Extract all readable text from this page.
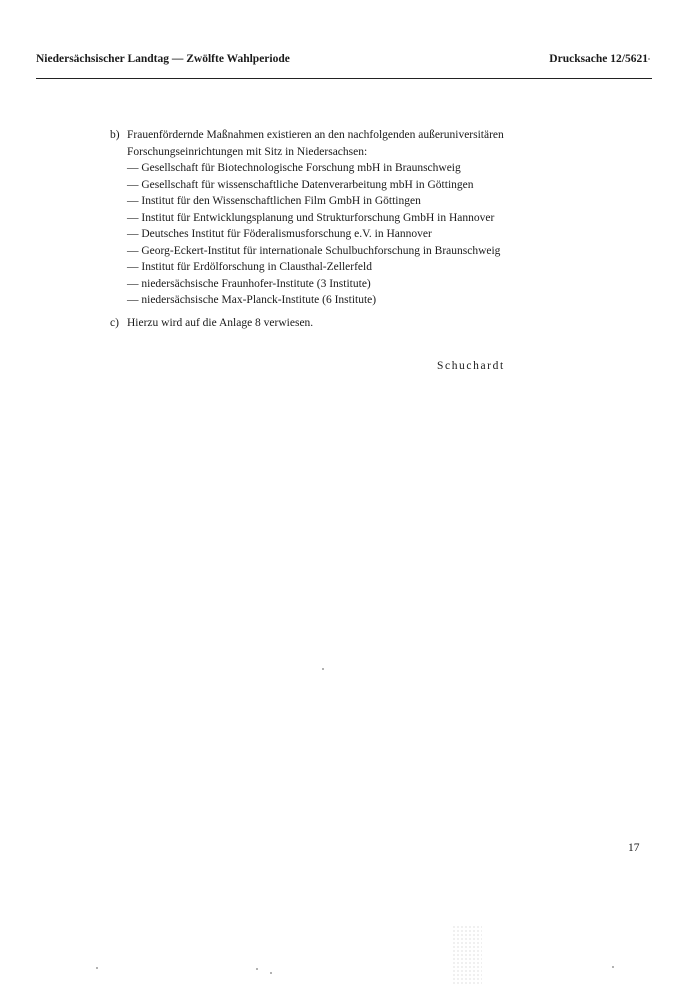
Niedersächsischer Landtag — Zwölfte Wahlperiode	Drucksache 12/5621
b) Frauenfördernde Maßnahmen existieren an den nachfolgenden außeruniversitären
Forschungseinrichtungen mit Sitz in Niedersachsen:
— Gesellschaft für Biotechnologische Forschung mbH in Braunschweig
— Gesellschaft für wissenschaftliche Datenverarbeitung mbH in Göttingen
— Institut für den Wissenschaftlichen Film GmbH in Göttingen
— Institut für Entwicklungsplanung und Strukturforschung GmbH in Hannover
— Deutsches Institut für Föderalismusforschung e.V. in Hannover
— Georg-Eckert-Institut für internationale Schulbuchforschung in Braunschweig
— Institut für Erdölforschung in Clausthal-Zellerfeld
— niedersächsische Fraunhofer-Institute (3 Institute)
— niedersächsische Max-Planck-Institute (6 Institute)
c) Hierzu wird auf die Anlage 8 verwiesen.
Schuchardt
17
